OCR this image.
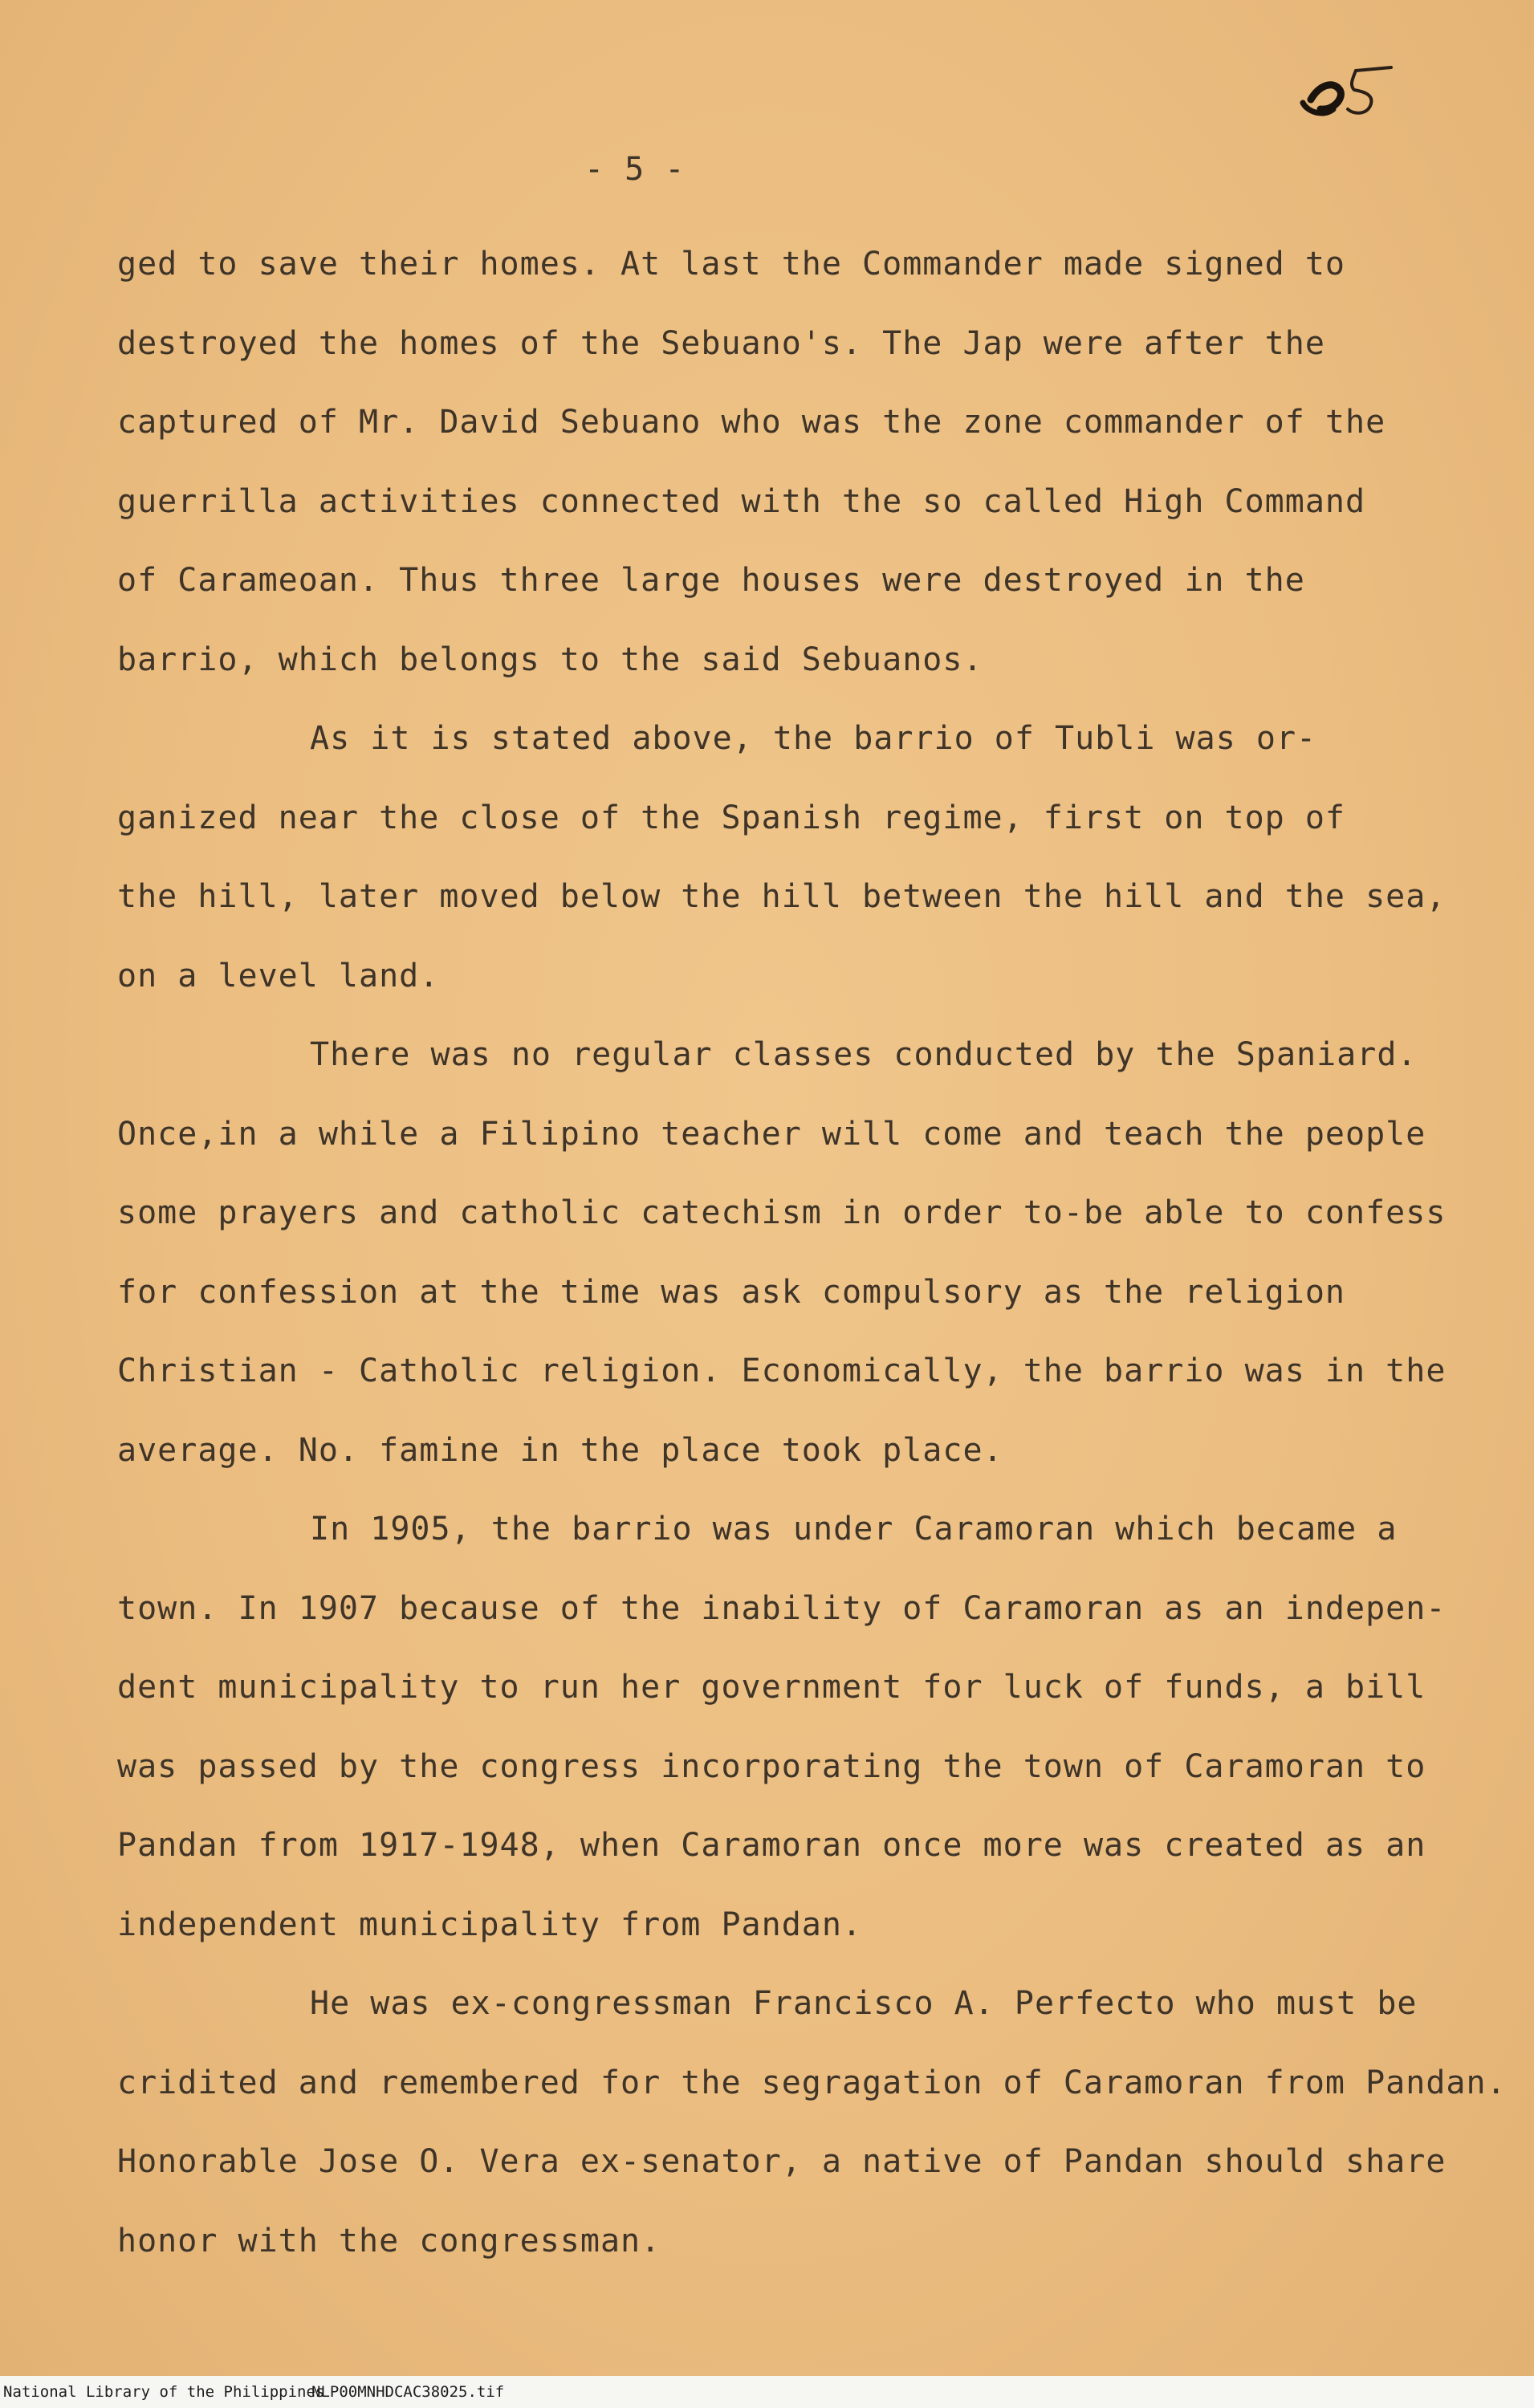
- 5 -
ged to save their homes. At last the Commander made signed to
destroyed the homes of the Sebuano's. The Jap were after the
captured of Mr. David Sebuano who was the zone commander of the
guerrilla activities connected with the so called High Command
of Carameoan. Thus three large houses were destroyed in the
barrio, which belongs to the said Sebuanos.
As it is stated above, the barrio of Tubli was or-
ganized near the close of the Spanish regime, first on top of
the hill, later moved below the hill between the hill and the sea,
on a level land.
There was no regular classes conducted by the Spaniard.
Once,in a while a Filipino teacher will come and teach the people
some prayers and catholic catechism in order to-be able to confess
for confession at the time was ask compulsory as the religion
Christian - Catholic religion. Economically, the barrio was in the
average. No. famine in the place took place.
In 1905, the barrio was under Caramoran which became a
town. In 1907 because of the inability of Caramoran as an indepen-
dent municipality to run her government for luck of funds, a bill
was passed by the congress incorporating the town of Caramoran to
Pandan from 1917-1948, when Caramoran once more was created as an
independent municipality from Pandan.
He was ex-congressman Francisco A. Perfecto who must be
cridited and remembered for the segragation of Caramoran from Pandan.
Honorable Jose O. Vera ex-senator, a native of Pandan should share
honor with the congressman.
National Library of the Philippines
NLP00MNHDCAC38025.tif
